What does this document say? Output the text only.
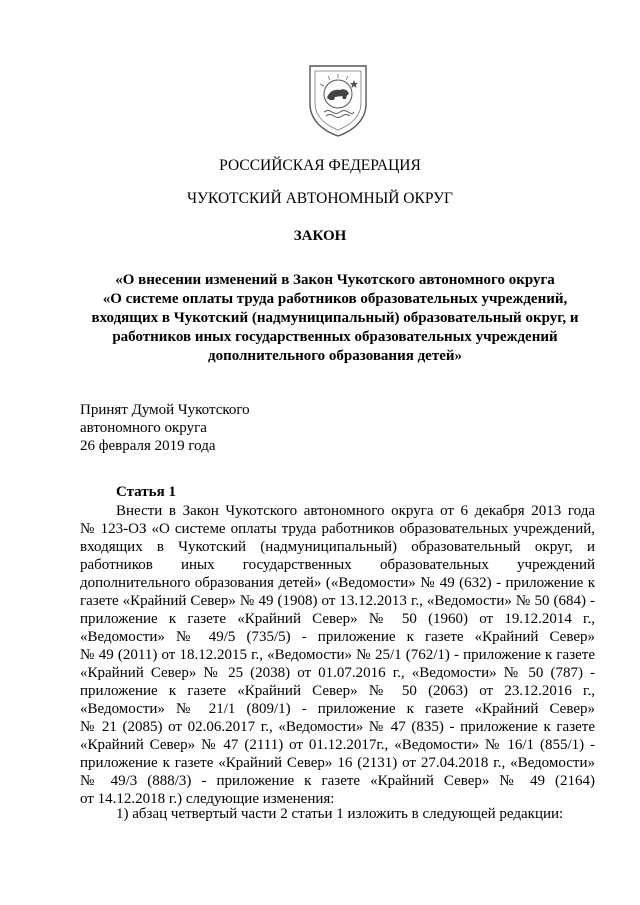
РОССИЙСКАЯ ФЕДЕРАЦИЯ
ЧУКОТСКИЙ АВТОНОМНЫЙ ОКРУГ
ЗАКОН
«О внесении изменений в Закон Чукотского автономного округа
«О системе оплаты труда работников образовательных учреждений,
входящих в Чукотский (надмуниципальный) образовательный округ, и
работников иных государственных образовательных учреждений
дополнительного образования детей»
Принят Думой Чукотского
автономного округа
26 февраля 2019 года
Статья 1
Внести в Закон Чукотского автономного округа от 6 декабря 2013 года
№ 123-ОЗ «О системе оплаты труда работников образовательных учреждений,
входящих в Чукотский (надмуниципальный) образовательный округ, и
работников иных государственных образовательных учреждений
дополнительного образования детей» («Ведомости» № 49 (632) - приложение к
газете «Крайний Север» № 49 (1908) от 13.12.2013 г., «Ведомости» № 50 (684) -
приложение к газете «Крайний Север» № 50 (1960) от 19.12.2014 г.,
«Ведомости» № 49/5 (735/5) - приложение к газете «Крайний Север»
№ 49 (2011) от 18.12.2015 г., «Ведомости» № 25/1 (762/1) - приложение к газете
«Крайний Север» № 25 (2038) от 01.07.2016 г., «Ведомости» № 50 (787) -
приложение к газете «Крайний Север» № 50 (2063) от 23.12.2016 г.,
«Ведомости» № 21/1 (809/1) - приложение к газете «Крайний Север»
№ 21 (2085) от 02.06.2017 г., «Ведомости» № 47 (835) - приложение к газете
«Крайний Север» № 47 (2111) от 01.12.2017г., «Ведомости» № 16/1 (855/1) -
приложение к газете «Крайний Север» 16 (2131) от 27.04.2018 г., «Ведомости»
№ 49/3 (888/3) - приложение к газете «Крайний Север» № 49 (2164)
от 14.12.2018 г.) следующие изменения:
1) абзац четвертый части 2 статьи 1 изложить в следующей редакции:
